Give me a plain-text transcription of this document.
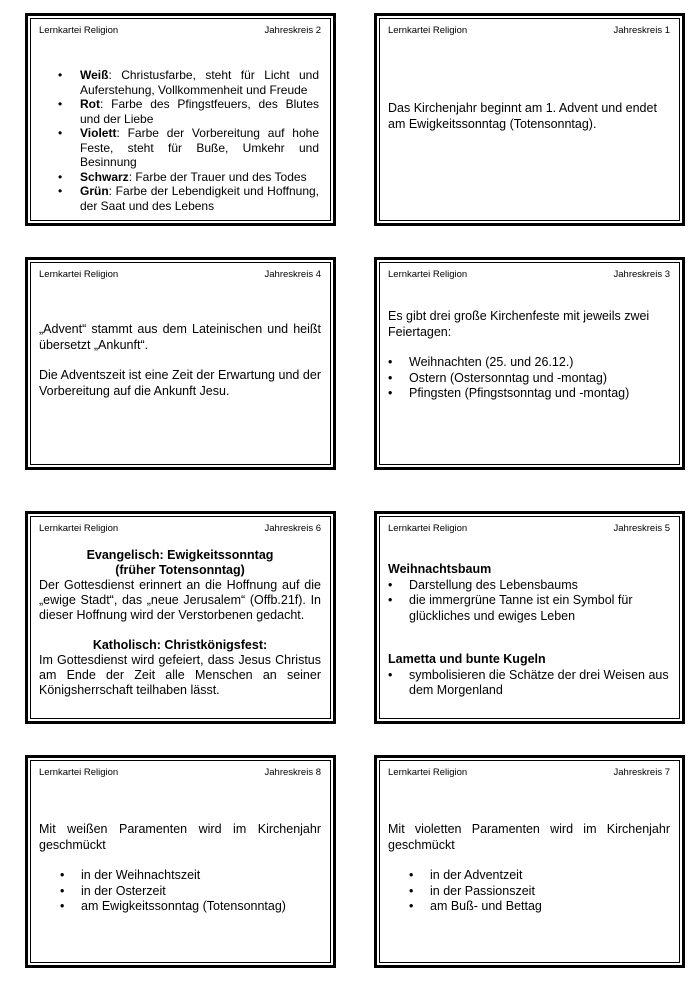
Lernkartei Religion	Jahreskreis 2
• Weiß: Christusfarbe, steht für Licht und Auferstehung, Vollkommenheit und Freude
• Rot: Farbe des Pfingstfeuers, des Blutes und der Liebe
• Violett: Farbe der Vorbereitung auf hohe Feste, steht für Buße, Umkehr und Besinnung
• Schwarz: Farbe der Trauer und des Todes
• Grün: Farbe der Lebendigkeit und Hoffnung, der Saat und des Lebens
Lernkartei Religion	Jahreskreis 1

Das Kirchenjahr beginnt am 1. Advent und endet am Ewigkeitssonntag (Totensonntag).

Lernkartei Religion	Jahreskreis 4

„Advent“ stammt aus dem Lateinischen und heißt übersetzt „Ankunft“.

Die Adventszeit ist eine Zeit der Erwartung und der Vorbereitung auf die Ankunft Jesu.

Lernkartei Religion	Jahreskreis 3

Es gibt drei große Kirchenfeste mit jeweils zwei Feiertagen:

• Weihnachten (25. und 26.12.)
• Ostern (Ostersonntag und -montag)
• Pfingsten (Pfingstsonntag und -montag)
Lernkartei Religion	Jahreskreis 6

Evangelisch: Ewigkeitssonntag

(früher Totensonntag)

Der Gottesdienst erinnert an die Hoffnung auf die „ewige Stadt“, das „neue Jerusalem“ (Offb.21f). In dieser Hoffnung wird der Verstorbenen gedacht.

Katholisch: Christkönigsfest:

Im Gottesdienst wird gefeiert, dass Jesus Christus am Ende der Zeit alle Menschen an seiner Königsherrschaft teilhaben lässt.

Lernkartei Religion	Jahreskreis 5

Weihnachtsbaum

• Darstellung des Lebensbaums
• die immergrüne Tanne ist ein Symbol für glückliches und ewiges Leben

Lametta und bunte Kugeln

• symbolisieren die Schätze der drei Weisen aus dem Morgenland
Lernkartei Religion	Jahreskreis 8

Mit weißen Paramenten wird im Kirchenjahr geschmückt

• in der Weihnachtszeit
• in der Osterzeit
• am Ewigkeitssonntag (Totensonntag)
Lernkartei Religion	Jahreskreis 7

Mit violetten Paramenten wird im Kirchenjahr geschmückt

• in der Adventzeit
• in der Passionszeit
• am Buß- und Bettag
